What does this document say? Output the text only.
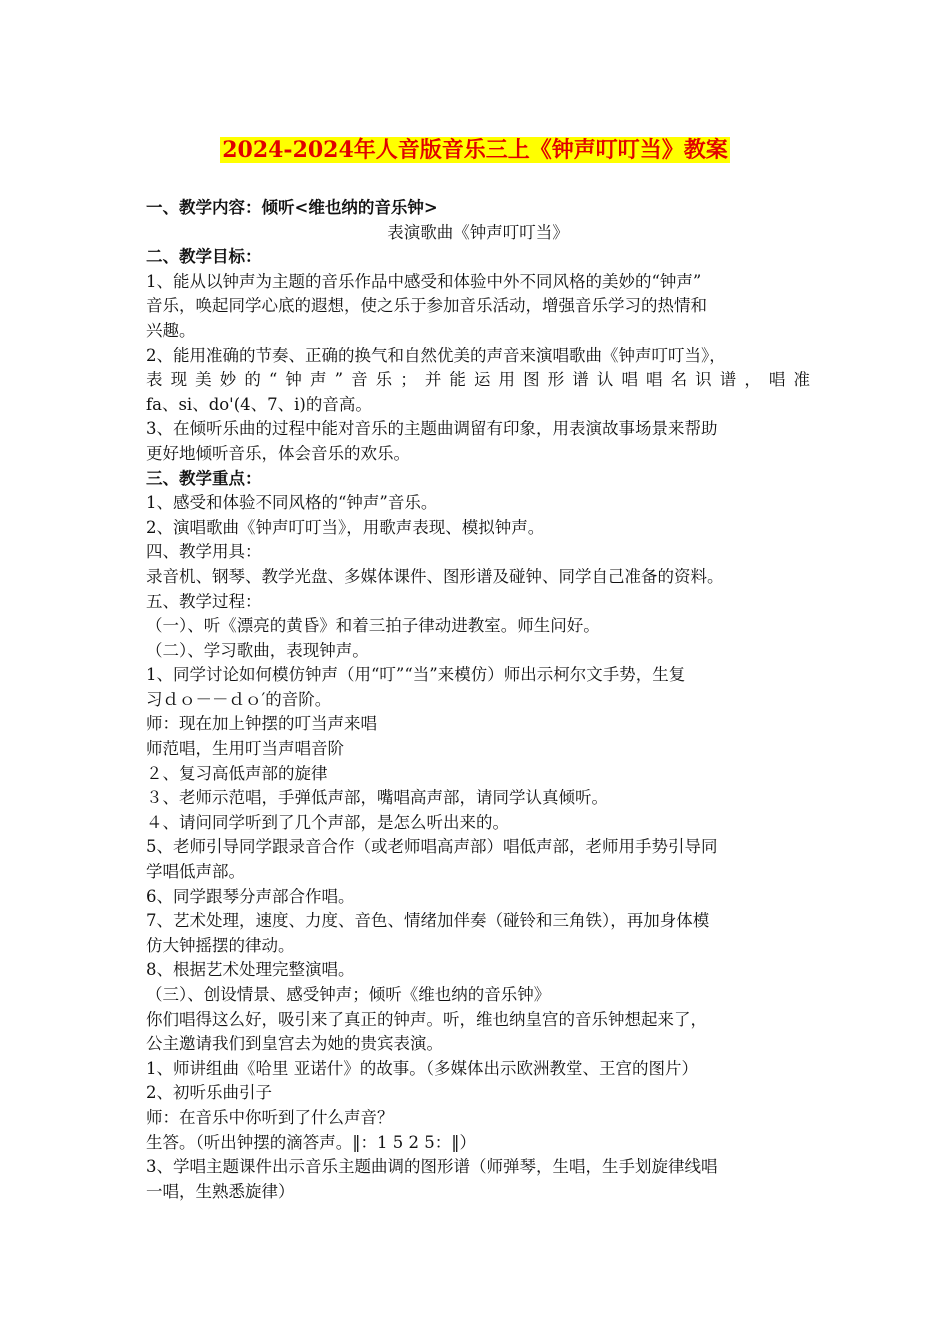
2024-2024年人音版音乐三上《钟声叮叮当》教案
一、教学内容：倾听<维也纳的音乐钟>
表演歌曲《钟声叮叮当》
二、教学目标：
1、能从以钟声为主题的音乐作品中感受和体验中外不同风格的美妙的“钟声”
音乐，唤起同学心底的遐想，使之乐于参加音乐活动，增强音乐学习的热情和
兴趣。
2、能用准确的节奏、正确的换气和自然优美的声音来演唱歌曲《钟声叮叮当》，
表现美妙的“钟声”音乐；并能运用图形谱认唱唱名识谱，唱准
fa、si、do'(4、7、i)的音高。
3、在倾听乐曲的过程中能对音乐的主题曲调留有印象，用表演故事场景来帮助
更好地倾听音乐，体会音乐的欢乐。
三、教学重点：
1、感受和体验不同风格的“钟声”音乐。
2、演唱歌曲《钟声叮叮当》，用歌声表现、模拟钟声。
四、教学用具：
录音机、钢琴、教学光盘、多媒体课件、图形谱及碰钟、同学自己准备的资料。
五、教学过程：
（一）、听《漂亮的黄昏》和着三拍子律动进教室。师生问好。
（二）、学习歌曲，表现钟声。
1、同学讨论如何模仿钟声（用“叮”“当”来模仿）师出示柯尔文手势，生复
习ｄｏ－－ｄｏ′的音阶。
师：现在加上钟摆的叮当声来唱
师范唱，生用叮当声唱音阶
２、复习高低声部的旋律
３、老师示范唱，手弹低声部，嘴唱高声部，请同学认真倾听。
４、请问同学听到了几个声部，是怎么听出来的。
5、老师引导同学跟录音合作（或老师唱高声部）唱低声部，老师用手势引导同
学唱低声部。
6、同学跟琴分声部合作唱。
7、艺术处理，速度、力度、音色、情绪加伴奏（碰铃和三角铁），再加身体模
仿大钟摇摆的律动。
8、根据艺术处理完整演唱。
（三）、创设情景、感受钟声；倾听《维也纳的音乐钟》
你们唱得这么好，吸引来了真正的钟声。听，维也纳皇宫的音乐钟想起来了，
公主邀请我们到皇宫去为她的贵宾表演。
1、师讲组曲《哈里 亚诺什》的故事。（多媒体出示欧洲教堂、王宫的图片）
2、初听乐曲引子
师：在音乐中你听到了什么声音？
生答。（听出钟摆的滴答声。‖：1 5 2 5：‖）
3、学唱主题课件出示音乐主题曲调的图形谱（师弹琴，生唱，生手划旋律线唱
一唱，生熟悉旋律）
